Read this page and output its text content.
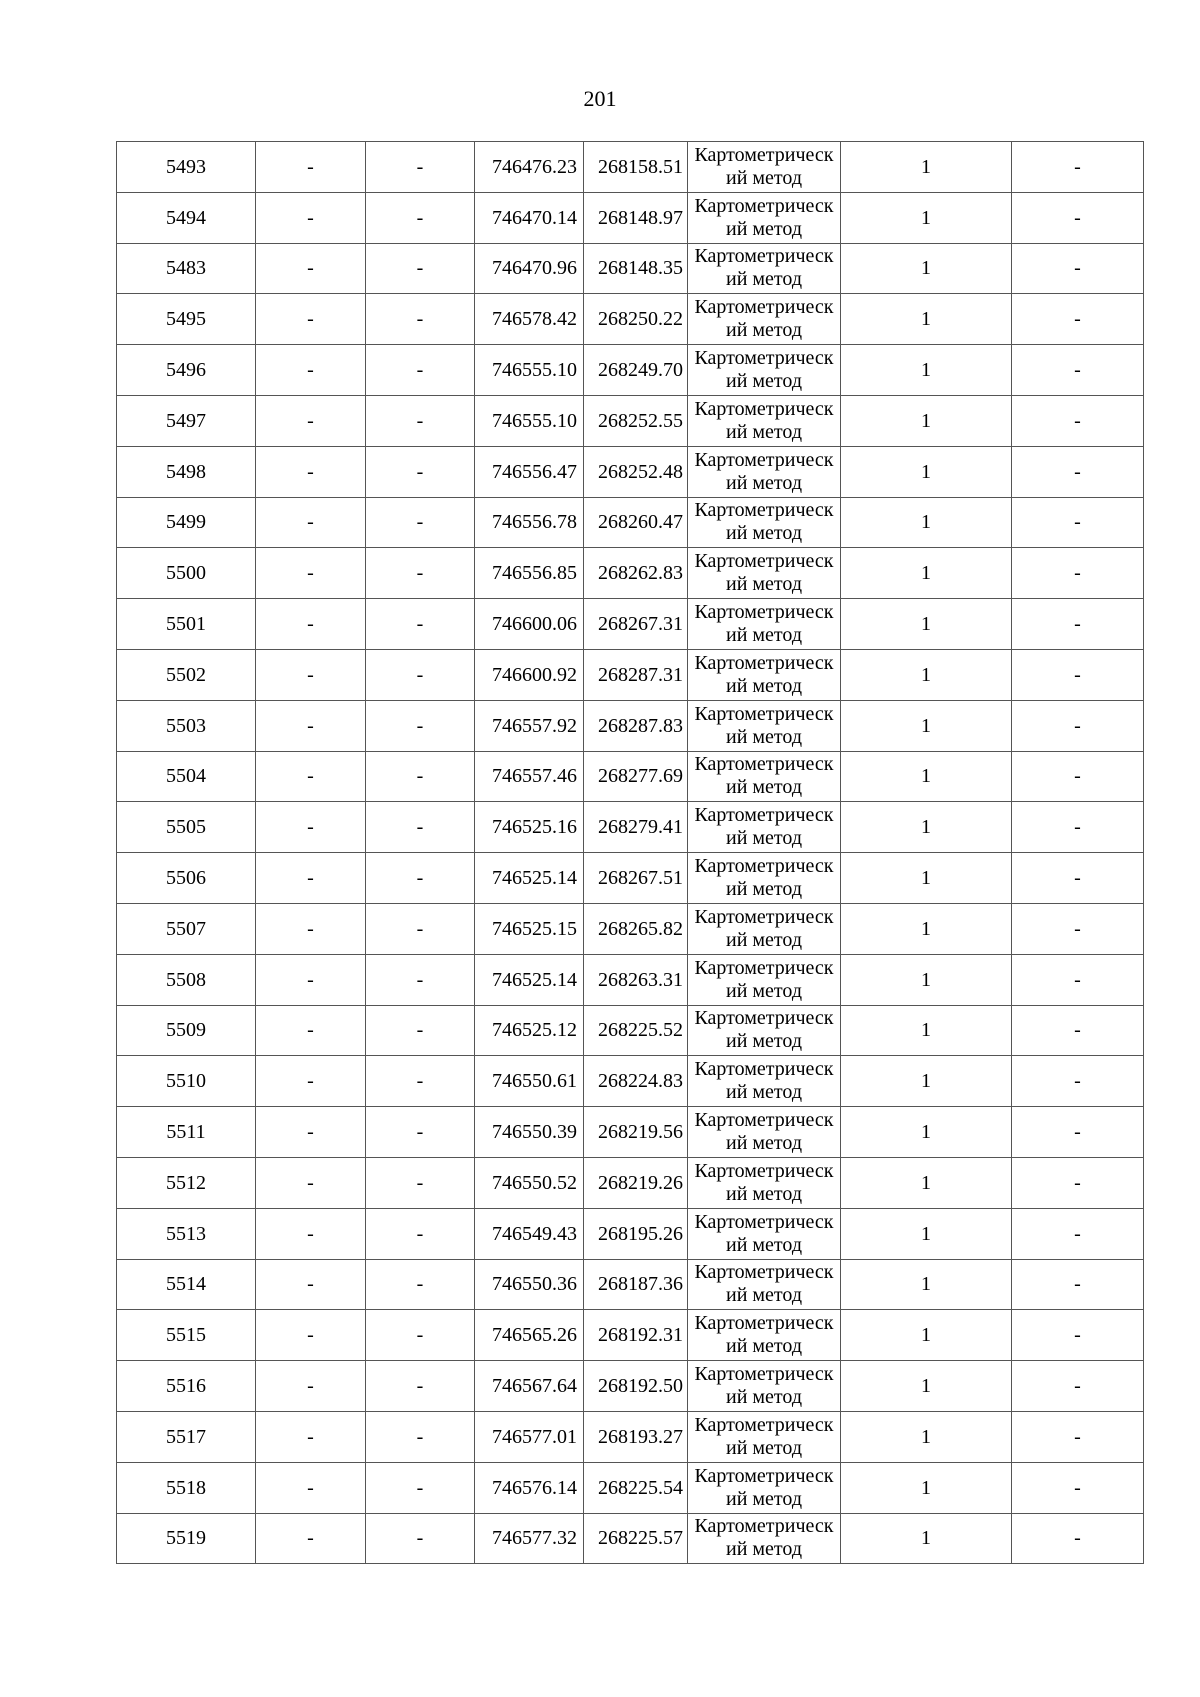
201
5493	-	-	746476.23	268158.51	Картометрический метод	1	-
5494	-	-	746470.14	268148.97	Картометрический метод	1	-
5483	-	-	746470.96	268148.35	Картометрический метод	1	-
5495	-	-	746578.42	268250.22	Картометрический метод	1	-
5496	-	-	746555.10	268249.70	Картометрический метод	1	-
5497	-	-	746555.10	268252.55	Картометрический метод	1	-
5498	-	-	746556.47	268252.48	Картометрический метод	1	-
5499	-	-	746556.78	268260.47	Картометрический метод	1	-
5500	-	-	746556.85	268262.83	Картометрический метод	1	-
5501	-	-	746600.06	268267.31	Картометрический метод	1	-
5502	-	-	746600.92	268287.31	Картометрический метод	1	-
5503	-	-	746557.92	268287.83	Картометрический метод	1	-
5504	-	-	746557.46	268277.69	Картометрический метод	1	-
5505	-	-	746525.16	268279.41	Картометрический метод	1	-
5506	-	-	746525.14	268267.51	Картометрический метод	1	-
5507	-	-	746525.15	268265.82	Картометрический метод	1	-
5508	-	-	746525.14	268263.31	Картометрический метод	1	-
5509	-	-	746525.12	268225.52	Картометрический метод	1	-
5510	-	-	746550.61	268224.83	Картометрический метод	1	-
5511	-	-	746550.39	268219.56	Картометрический метод	1	-
5512	-	-	746550.52	268219.26	Картометрический метод	1	-
5513	-	-	746549.43	268195.26	Картометрический метод	1	-
5514	-	-	746550.36	268187.36	Картометрический метод	1	-
5515	-	-	746565.26	268192.31	Картометрический метод	1	-
5516	-	-	746567.64	268192.50	Картометрический метод	1	-
5517	-	-	746577.01	268193.27	Картометрический метод	1	-
5518	-	-	746576.14	268225.54	Картометрический метод	1	-
5519	-	-	746577.32	268225.57	Картометрический метод	1	-
